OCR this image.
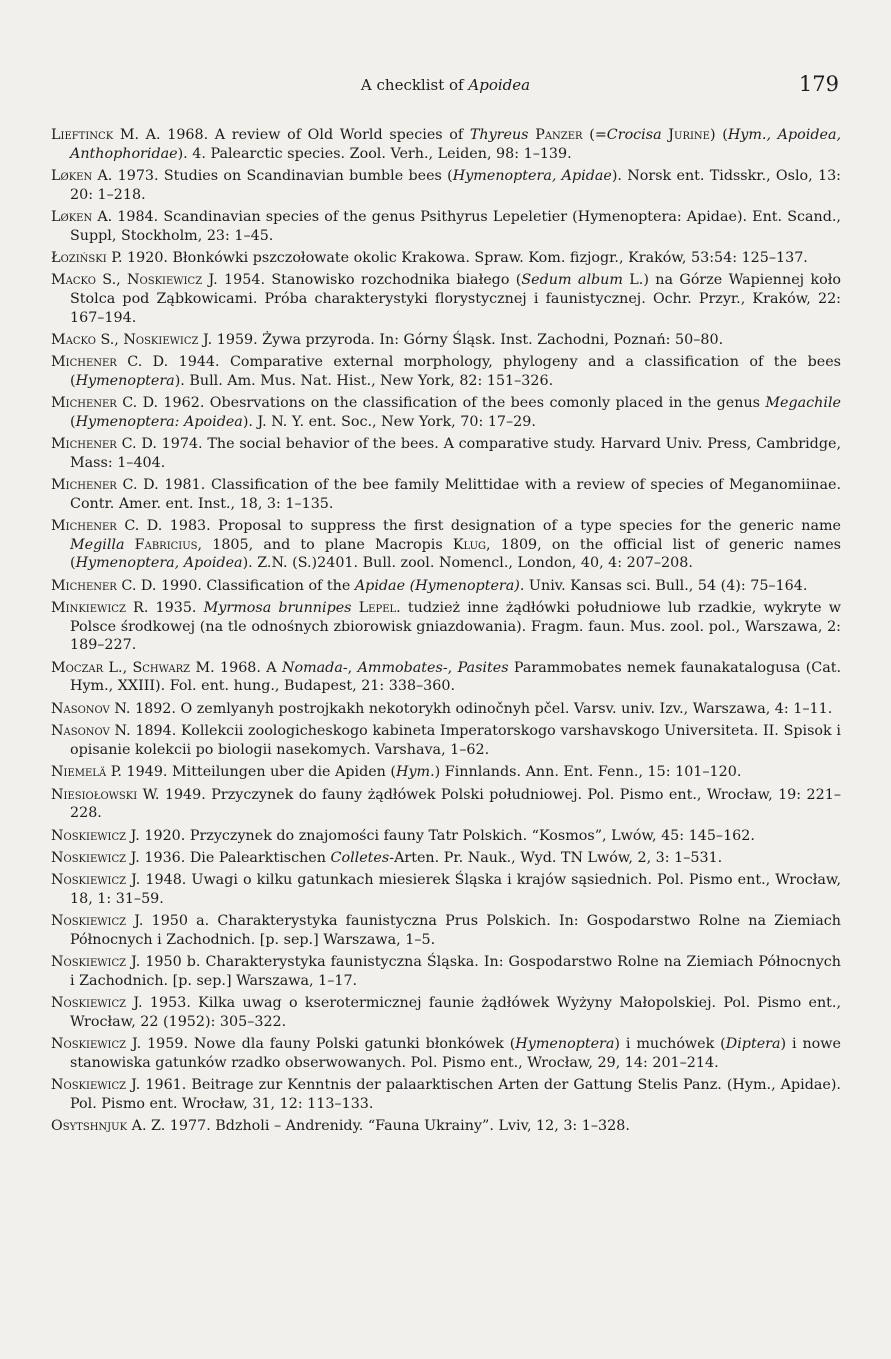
A checklist of Apoidea	179

Lieftinck M. A. 1968. A review of Old World species of Thyreus Panzer (=Crocisa Jurine) (Hym., Apoidea, Anthophoridae). 4. Palearctic species. Zool. Verh., Leiden, 98: 1–139.

Løken A. 1973. Studies on Scandinavian bumble bees (Hymenoptera, Apidae). Norsk ent. Tidsskr., Oslo, 13: 20: 1–218.

Løken A. 1984. Scandinavian species of the genus Psithyrus Lepeletier (Hymenoptera: Apidae). Ent. Scand., Suppl, Stockholm, 23: 1–45.

Łoziński P. 1920. Błonkówki pszczołowate okolic Krakowa. Spraw. Kom. fizjogr., Kraków, 53:54: 125–137.

Macko S., Noskiewicz J. 1954. Stanowisko rozchodnika białego (Sedum album L.) na Górze Wapiennej koło Stolca pod Ząbkowicami. Próba charakterystyki florystycznej i faunistycznej. Ochr. Przyr., Kraków, 22: 167–194.

Macko S., Noskiewicz J. 1959. Żywa przyroda. In: Górny Śląsk. Inst. Zachodni, Poznań: 50–80.

Michener C. D. 1944. Comparative external morphology, phylogeny and a classification of the bees (Hymenoptera). Bull. Am. Mus. Nat. Hist., New York, 82: 151–326.

Michener C. D. 1962. Obesrvations on the classification of the bees comonly placed in the genus Megachile (Hymenoptera: Apoidea). J. N. Y. ent. Soc., New York, 70: 17–29.

Michener C. D. 1974. The social behavior of the bees. A comparative study. Harvard Univ. Press, Cambridge, Mass: 1–404.

Michener C. D. 1981. Classification of the bee family Melittidae with a review of species of Meganomiinae. Contr. Amer. ent. Inst., 18, 3: 1–135.

Michener C. D. 1983. Proposal to suppress the first designation of a type species for the generic name Megilla Fabricius, 1805, and to plane Macropis Klug, 1809, on the official list of generic names (Hymenoptera, Apoidea). Z.N. (S.)2401. Bull. zool. Nomencl., London, 40, 4: 207–208.

Michener C. D. 1990. Classification of the Apidae (Hymenoptera). Univ. Kansas sci. Bull., 54 (4): 75–164.

Minkiewicz R. 1935. Myrmosa brunnipes Lepel. tudzież inne żądłówki południowe lub rzadkie, wykryte w Polsce środkowej (na tle odnośnych zbiorowisk gniazdowania). Fragm. faun. Mus. zool. pol., Warszawa, 2: 189–227.

Moczar L., Schwarz M. 1968. A Nomada-, Ammobates-, Pasites Parammobates nemek faunakatalogusa (Cat. Hym., XXIII). Fol. ent. hung., Budapest, 21: 338–360.

Nasonov N. 1892. O zemlyanyh postrojkakh nekotorykh odinočnyh pčel. Varsv. univ. Izv., Warszawa, 4: 1–11.

Nasonov N. 1894. Kollekcii zoologicheskogo kabineta Imperatorskogo varshavskogo Universiteta. II. Spisok i opisanie kolekcii po biologii nasekomych. Varshava, 1–62.

Niemelä P. 1949. Mitteilungen uber die Apiden (Hym.) Finnlands. Ann. Ent. Fenn., 15: 101–120.

Niesiołowski W. 1949. Przyczynek do fauny żądłówek Polski południowej. Pol. Pismo ent., Wrocław, 19: 221–228.

Noskiewicz J. 1920. Przyczynek do znajomości fauny Tatr Polskich. “Kosmos”, Lwów, 45: 145–162.

Noskiewicz J. 1936. Die Palearktischen Colletes-Arten. Pr. Nauk., Wyd. TN Lwów, 2, 3: 1–531.

Noskiewicz J. 1948. Uwagi o kilku gatunkach miesierek Śląska i krajów sąsiednich. Pol. Pismo ent., Wrocław, 18, 1: 31–59.

Noskiewicz J. 1950 a. Charakterystyka faunistyczna Prus Polskich. In: Gospodarstwo Rolne na Ziemiach Północnych i Zachodnich. [p. sep.] Warszawa, 1–5.

Noskiewicz J. 1950 b. Charakterystyka faunistyczna Śląska. In: Gospodarstwo Rolne na Ziemiach Północnych i Zachodnich. [p. sep.] Warszawa, 1–17.

Noskiewicz J. 1953. Kilka uwag o kserotermicznej faunie żądłówek Wyżyny Małopolskiej. Pol. Pismo ent., Wrocław, 22 (1952): 305–322.

Noskiewicz J. 1959. Nowe dla fauny Polski gatunki błonkówek (Hymenoptera) i muchówek (Diptera) i nowe stanowiska gatunków rzadko obserwowanych. Pol. Pismo ent., Wrocław, 29, 14: 201–214.

Noskiewicz J. 1961. Beitrage zur Kenntnis der palaarktischen Arten der Gattung Stelis Panz. (Hym., Apidae). Pol. Pismo ent. Wrocław, 31, 12: 113–133.

Osytshnjuk A. Z. 1977. Bdzholi – Andrenidy. “Fauna Ukrainy”. Lviv, 12, 3: 1–328.
